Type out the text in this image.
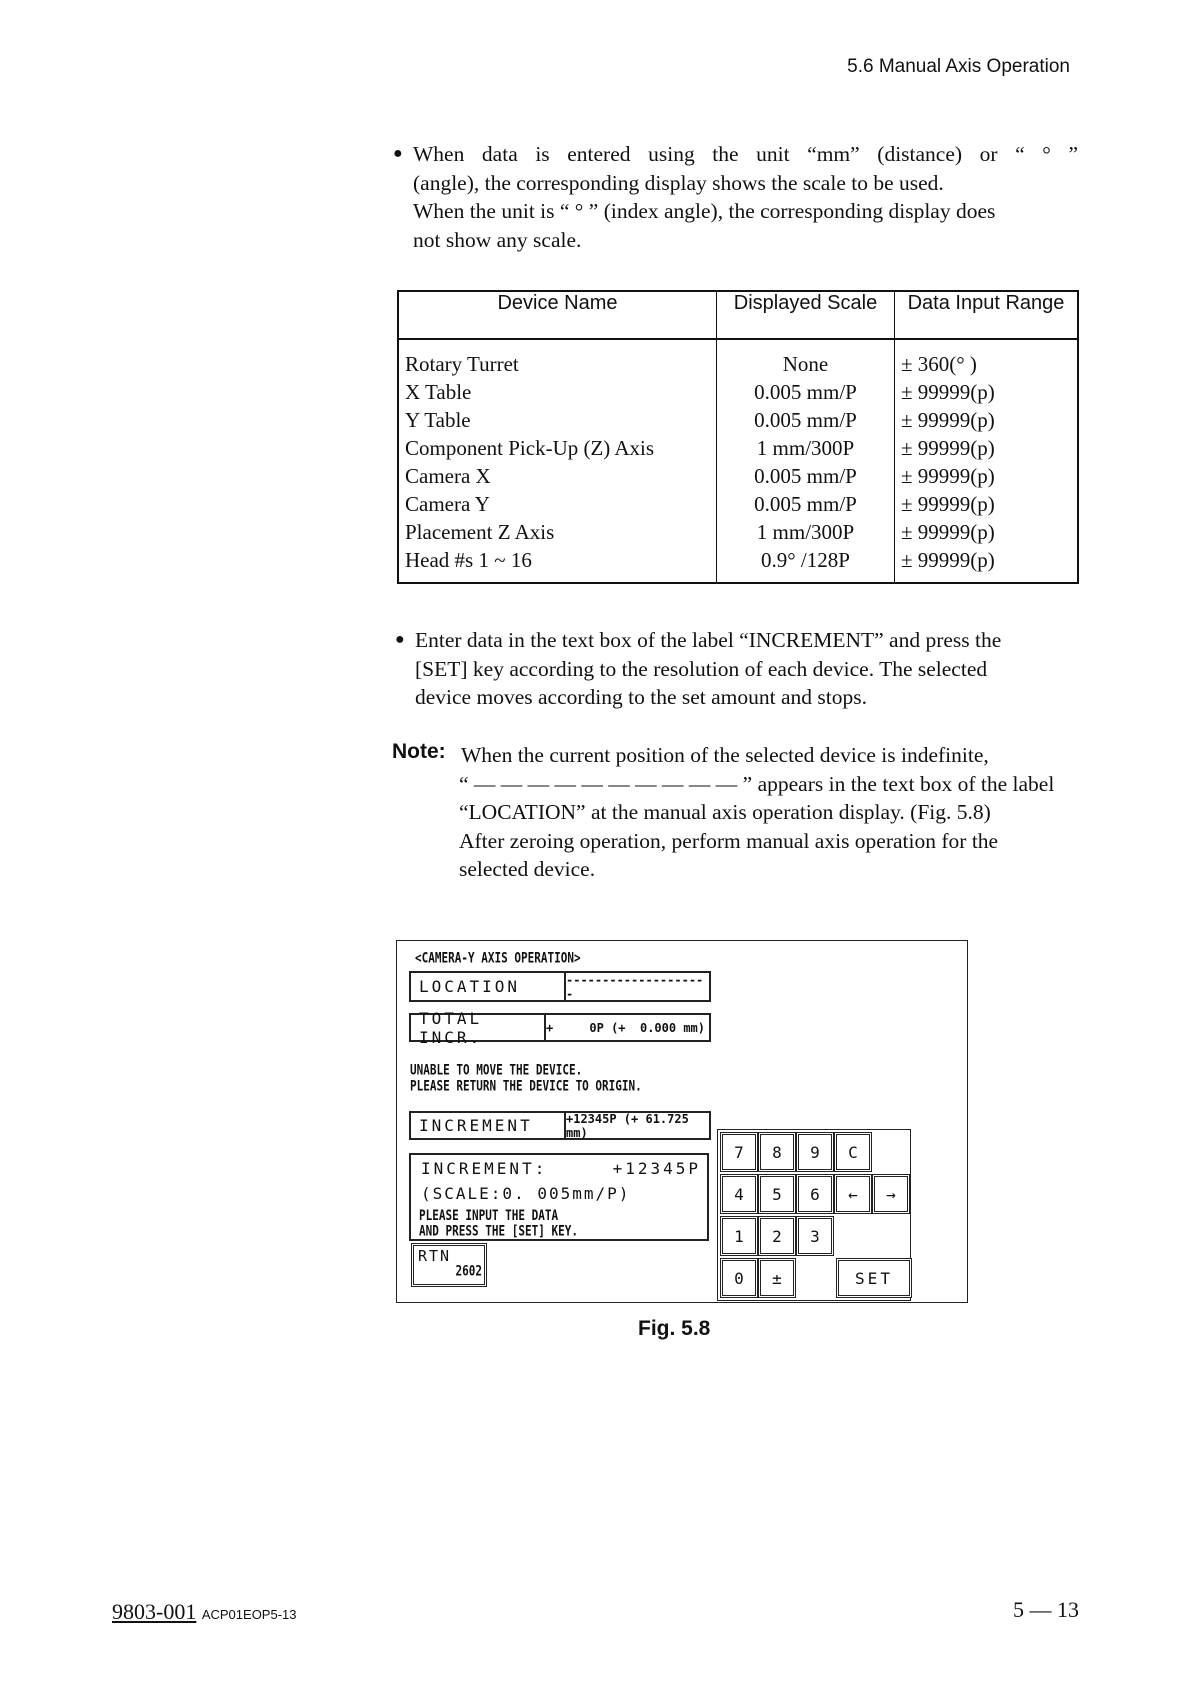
5.6 Manual Axis Operation
● When data is entered using the unit “mm” (distance) or “ ° ”
(angle), the corresponding display shows the scale to be used.
When the unit is “ ° ” (index angle), the corresponding display does
not show any scale.
Device Name	Displayed Scale	Data Input Range
Rotary Turret	None	± 360(° )
X Table	0.005 mm/P	± 99999(p)
Y Table	0.005 mm/P	± 99999(p)
Component Pick-Up (Z) Axis	1 mm/300P	± 99999(p)
Camera X	0.005 mm/P	± 99999(p)
Camera Y	0.005 mm/P	± 99999(p)
Placement Z Axis	1 mm/300P	± 99999(p)
Head #s 1 ~ 16	0.9° /128P	± 99999(p)
● Enter data in the text box of the label “INCREMENT” and press the
[SET] key according to the resolution of each device. The selected
device moves according to the set amount and stops.
Note: When the current position of the selected device is indefinite,
“ — — — — — — — — — — ” appears in the text box of the label
“LOCATION” at the manual axis operation display. (Fig. 5.8)
After zeroing operation, perform manual axis operation for the
selected device.
<CAMERA-Y AXIS OPERATION>
LOCATION	--------------------
TOTAL INCR.	+     0P (+  0.000 mm)
UNABLE TO MOVE THE DEVICE.
PLEASE RETURN THE DEVICE TO ORIGIN.
INCREMENT	+12345P (+ 61.725 mm)
INCREMENT:	+12345P
(SCALE:0. 005mm/P)
PLEASE INPUT THE DATA
AND PRESS THE [SET] KEY.
RTN
2602
7	8	9	C
4	5	6	←	→
1	2	3
0	±	SET
Fig. 5.8
9803-001 ACP01EOP5-13	5 — 13
